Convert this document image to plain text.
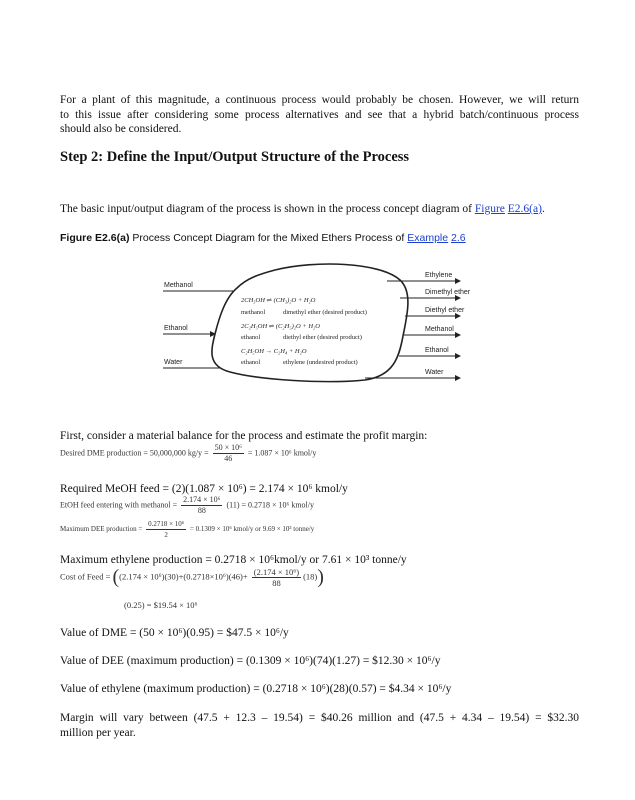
For a plant of this magnitude, a continuous process would probably be chosen. However, we will return
to this issue after considering some process alternatives and see that a hybrid batch/continuous process
should also be considered.
Step 2: Define the Input/Output Structure of the Process
The basic input/output diagram of the process is shown in the process concept diagram of Figure E2.6(a).
Figure E2.6(a) Process Concept Diagram for the Mixed Ethers Process of Example 2.6
Methanol
Ethanol
Water
2CH₃OH ⇌ (CH₃)₂O + H₂O
methanol	dimethyl ether (desired product)
2C₂H₅OH ⇌ (C₂H₅)₂O + H₂O
ethanol	diethyl ether (desired product)
C₂H₅OH → C₂H₄ + H₂O
ethanol	ethylene (undesired product)
Ethylene
Dimethyl ether
Diethyl ether
Methanol
Ethanol
Water
First, consider a material balance for the process and estimate the profit margin:
Desired DME production = 50,000,000 $kg/y = \frac{\text{50 × 10⁶}}{46} = 1.087 \times 10^6$ kmol/y
Required MeOH feed = (2)(1.087 × 10⁶) = 2.174 × 10⁶ kmol/y
EtOH feed entering with methanol = $\frac{\text{2.174 × 10⁶}}{88} (11) = 0.2718 \times 10^6$ kmol/y
Maximum DEE production = $\frac{\text{0.2718 × 10⁶}}{2} = 0.1309 \times 10^6$ kmol/y or 9.69 × 10³ tonne/y
Maximum ethylene production = 0.2718 × 10⁶kmol/y or 7.61 × 10³ tonne/y
Cost of Feed = $((2.174 \times 10^6)(30)+(0.2718\times 10^6)(46)+ \frac{\text{(2.174 × 10⁶)}}{88} (18))$
(0.25) = $19.54 × 10⁶
Value of DME = (50 × 10⁶)(0.95) = $47.5 × 10⁶/y
Value of DEE (maximum production) = (0.1309 × 10⁶)(74)(1.27) = $12.30 × 10⁶/y
Value of ethylene (maximum production) = (0.2718 × 10⁶)(28)(0.57) = $4.34 × 10⁶/y
Margin will vary between (47.5 + 12.3 – 19.54) = $40.26 million and (47.5 + 4.34 – 19.54) = $32.30
million per year.
